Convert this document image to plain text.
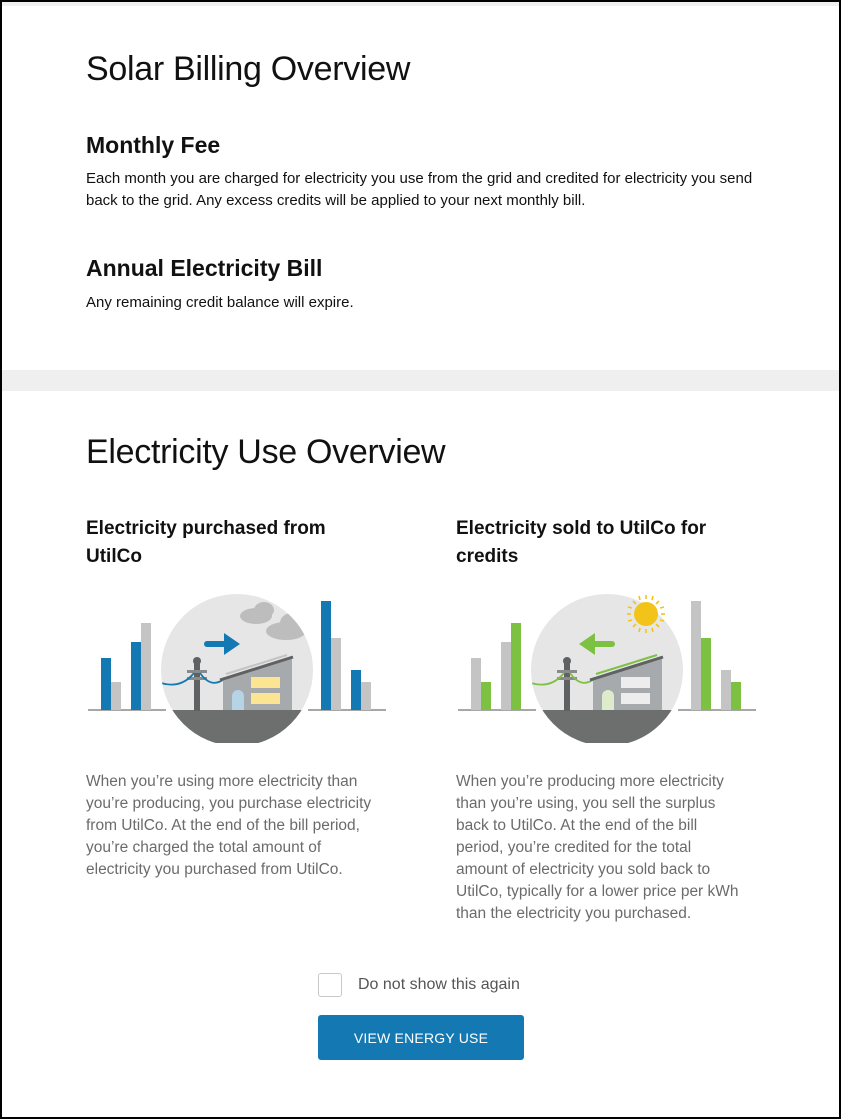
Solar Billing Overview
Monthly Fee

Each month you are charged for electricity you use from the grid and credited for electricity you send back to the grid. Any excess credits will be applied to your next monthly bill.

Annual Electricity Bill

Any remaining credit balance will expire.

Electricity Use Overview
Electricity purchased from
UtilCo
When you’re using more electricity than
you’re producing, you purchase electricity
from UtilCo. At the end of the bill period,
you’re charged the total amount of
electricity you purchased from UtilCo.
Electricity sold to UtilCo for
credits
When you’re producing more electricity
than you’re using, you sell the surplus
back to UtilCo. At the end of the bill
period, you’re credited for the total
amount of electricity you sold back to
UtilCo, typically for a lower price per kWh
than the electricity you purchased.
Do not show this again
VIEW ENERGY USE
